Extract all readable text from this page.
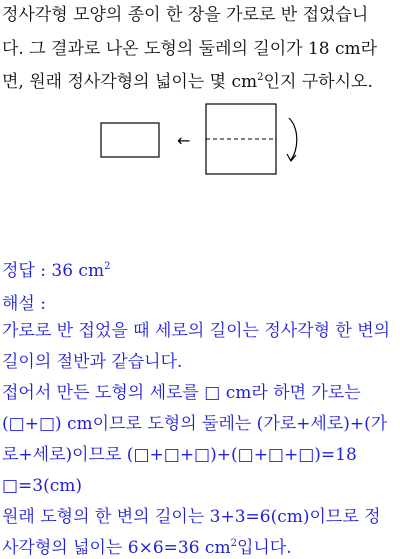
정사각형 모양의 종이 한 장을 가로로 반 접었습니
다. 그 결과로 나온 도형의 둘레의 길이가 18 cm라
면, 원래 정사각형의 넓이는 몇 $cm^2$인지 구하시오.
←
정답 : 36 $cm^2$
해설 :
가로로 반 접었을 때 세로의 길이는 정사각형 한 변의
길이의 절반과 같습니다.
접어서 만든 도형의 세로를 □ cm라 하면 가로는
(□+□) cm이므로 도형의 둘레는 (가로+세로)+(가
로+세로)이므로 (□+□+□)+(□+□+□)=18
□=3(cm)
원래 도형의 한 변의 길이는 3+3=6(cm)이므로 정
사각형의 넓이는 6×6=36 $cm^2$입니다.
